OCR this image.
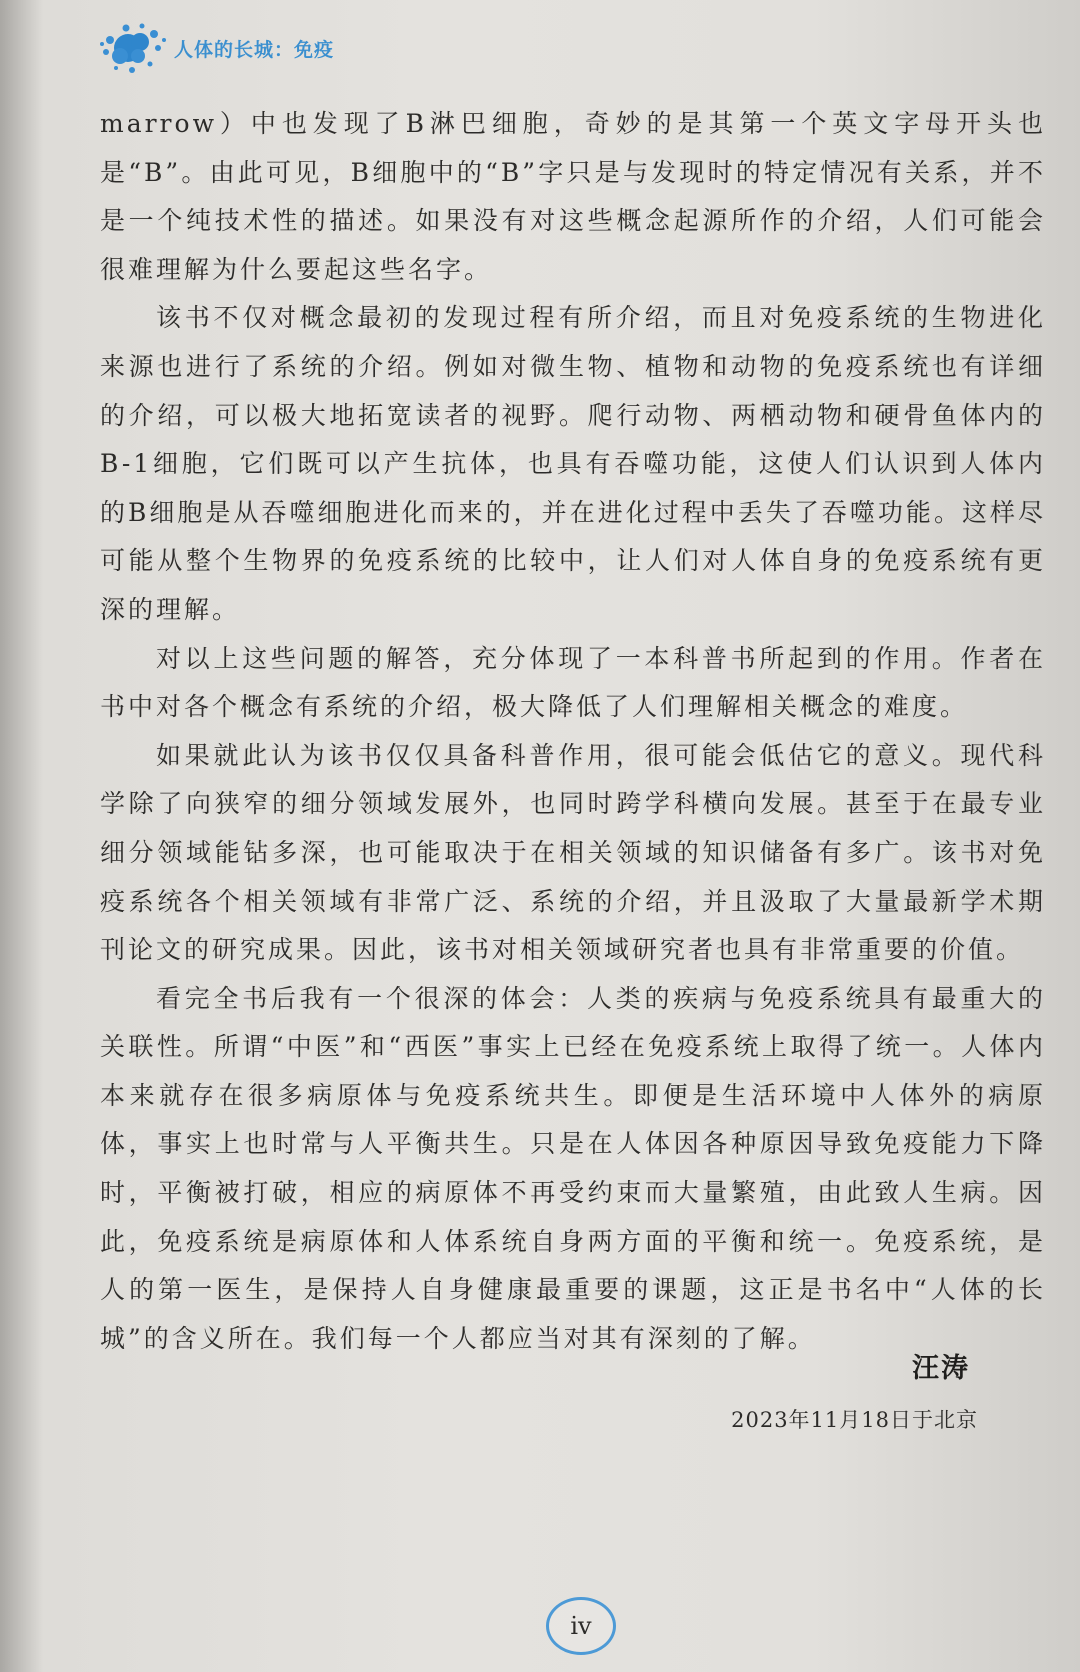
人体的长城：免疫

marrow）中也发现了B淋巴细胞，奇妙的是其第一个英文字母开头也是“B”。由此可见，B细胞中的“B”字只是与发现时的特定情况有关系，并不是一个纯技术性的描述。如果没有对这些概念起源所作的介绍，人们可能会很难理解为什么要起这些名字。

该书不仅对概念最初的发现过程有所介绍，而且对免疫系统的生物进化来源也进行了系统的介绍。例如对微生物、植物和动物的免疫系统也有详细的介绍，可以极大地拓宽读者的视野。爬行动物、两栖动物和硬骨鱼体内的B-1细胞，它们既可以产生抗体，也具有吞噬功能，这使人们认识到人体内的B细胞是从吞噬细胞进化而来的，并在进化过程中丢失了吞噬功能。这样尽可能从整个生物界的免疫系统的比较中，让人们对人体自身的免疫系统有更深的理解。

对以上这些问题的解答，充分体现了一本科普书所起到的作用。作者在书中对各个概念有系统的介绍，极大降低了人们理解相关概念的难度。

如果就此认为该书仅仅具备科普作用，很可能会低估它的意义。现代科学除了向狭窄的细分领域发展外，也同时跨学科横向发展。甚至于在最专业细分领域能钻多深，也可能取决于在相关领域的知识储备有多广。该书对免疫系统各个相关领域有非常广泛、系统的介绍，并且汲取了大量最新学术期刊论文的研究成果。因此，该书对相关领域研究者也具有非常重要的价值。

看完全书后我有一个很深的体会：人类的疾病与免疫系统具有最重大的关联性。所谓“中医”和“西医”事实上已经在免疫系统上取得了统一。人体内本来就存在很多病原体与免疫系统共生。即便是生活环境中人体外的病原体，事实上也时常与人平衡共生。只是在人体因各种原因导致免疫能力下降时，平衡被打破，相应的病原体不再受约束而大量繁殖，由此致人生病。因此，免疫系统是病原体和人体系统自身两方面的平衡和统一。免疫系统，是人的第一医生，是保持人自身健康最重要的课题，这正是书名中“人体的长城”的含义所在。我们每一个人都应当对其有深刻的了解。

汪涛
2023年11月18日于北京
iv
